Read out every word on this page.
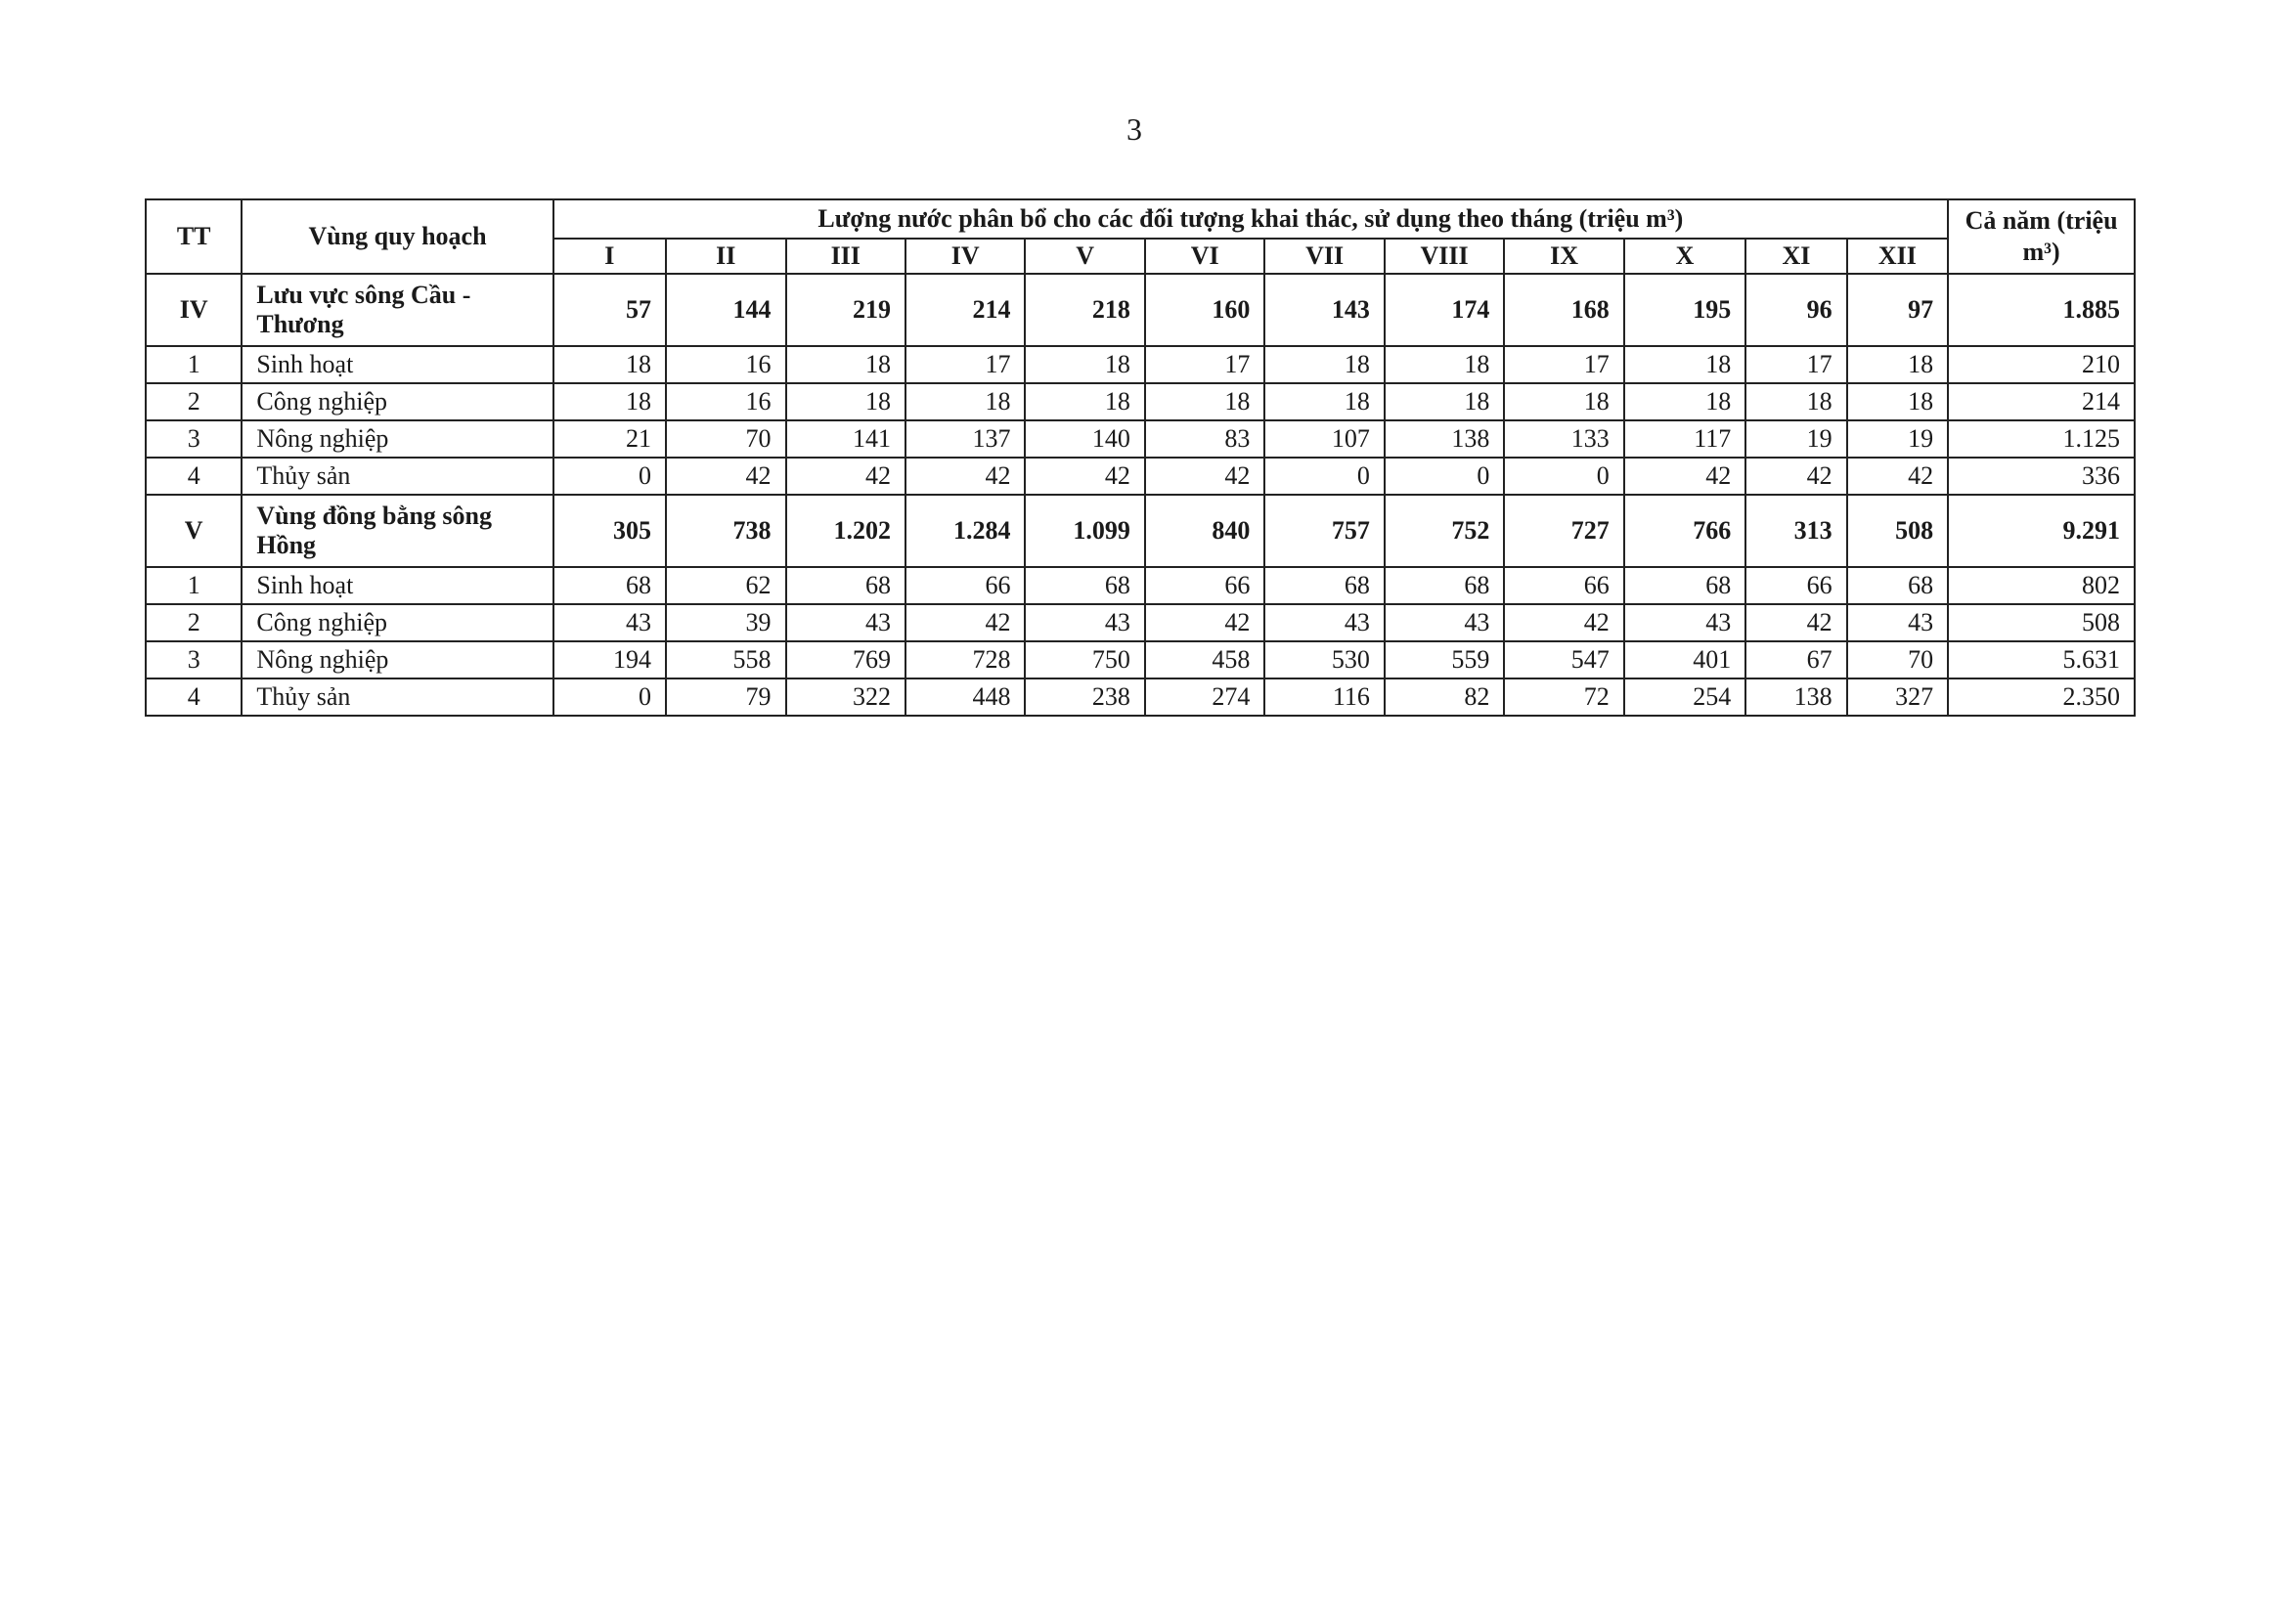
3
TT	Vùng quy hoạch	Lượng nước phân bổ cho các đối tượng khai thác, sử dụng theo tháng (triệu m³)												Cả năm (triệu m³)
		I	II	III	IV	V	VI	VII	VIII	IX	X	XI	XII	
IV	Lưu vực sông Cầu - Thương	57	144	219	214	218	160	143	174	168	195	96	97	1.885
1	Sinh hoạt	18	16	18	17	18	17	18	18	17	18	17	18	210
2	Công nghiệp	18	16	18	18	18	18	18	18	18	18	18	18	214
3	Nông nghiệp	21	70	141	137	140	83	107	138	133	117	19	19	1.125
4	Thủy sản	0	42	42	42	42	42	0	0	0	42	42	42	336
V	Vùng đồng bằng sông Hồng	305	738	1.202	1.284	1.099	840	757	752	727	766	313	508	9.291
1	Sinh hoạt	68	62	68	66	68	66	68	68	66	68	66	68	802
2	Công nghiệp	43	39	43	42	43	42	43	43	42	43	42	43	508
3	Nông nghiệp	194	558	769	728	750	458	530	559	547	401	67	70	5.631
4	Thủy sản	0	79	322	448	238	274	116	82	72	254	138	327	2.350
